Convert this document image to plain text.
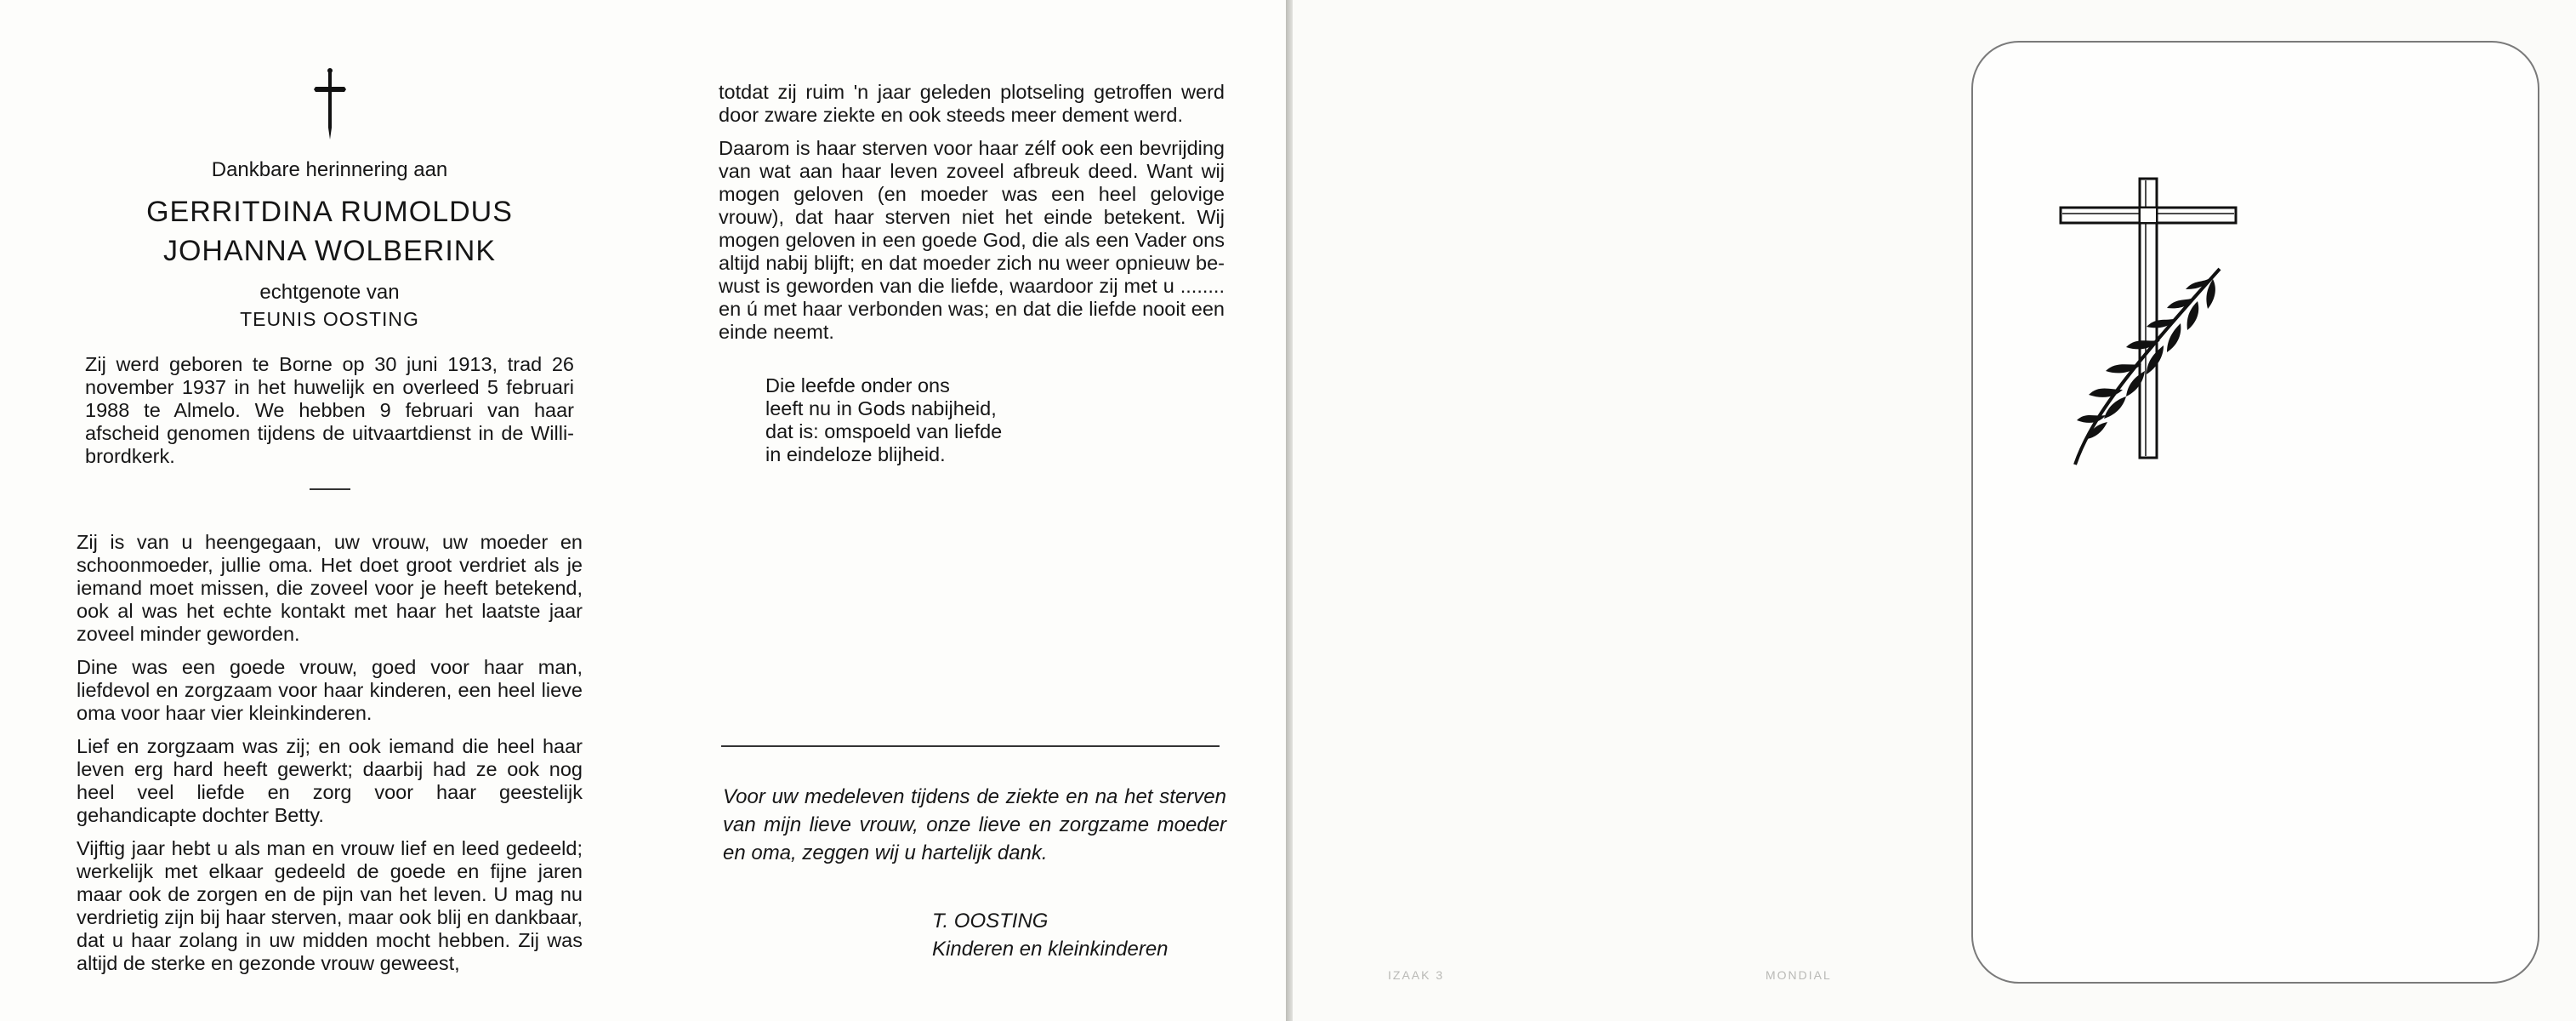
Dankbare herinnering aan

GERRITDINA RUMOLDUS
JOHANNA WOLBERINK

echtgenote van

TEUNIS OOSTING

Zij werd geboren te Borne op 30 juni 1913, trad 26 november 1937 in het huwelijk en overleed 5 februari 1988 te Almelo. We hebben 9 februari van haar afscheid genomen tijdens de uitvaartdienst in de Willibrordkerk.

Zij is van u heengegaan, uw vrouw, uw moeder en schoonmoeder, jullie oma. Het doet groot verdriet als je iemand moet missen, die zoveel voor je heeft betekend, ook al was het echte kontakt met haar het laatste jaar zoveel minder geworden.

Dine was een goede vrouw, goed voor haar man, liefdevol en zorgzaam voor haar kinderen, een heel lieve oma voor haar vier kleinkinderen.

Lief en zorgzaam was zij; en ook iemand die heel haar leven erg hard heeft gewerkt; daarbij had ze ook nog heel veel liefde en zorg voor haar geestelijk gehandicapte dochter Betty.

Vijftig jaar hebt u als man en vrouw lief en leed gedeeld; werkelijk met elkaar gedeeld de goede en fijne jaren maar ook de zorgen en de pijn van het leven. U mag nu verdrietig zijn bij haar sterven, maar ook blij en dankbaar, dat u haar zolang in uw midden mocht hebben. Zij was altijd de sterke en gezonde vrouw geweest,

totdat zij ruim 'n jaar geleden plotseling getroffen werd door zware ziekte en ook steeds meer dement werd.

Daarom is haar sterven voor haar zélf ook een bevrijding van wat aan haar leven zoveel afbreuk deed. Want wij mogen geloven (en moeder was een heel gelovige vrouw), dat haar sterven niet het einde betekent. Wij mogen geloven in een goede God, die als een Vader ons altijd nabij blijft; en dat moeder zich nu weer opnieuw bewust is geworden van die liefde, waardoor zij met u ........ en ú met haar verbonden was; en dat die liefde nooit een einde neemt.

Die leefde onder ons
leeft nu in Gods nabijheid,
dat is: omspoeld van liefde
in eindeloze blijheid.
Voor uw medeleven tijdens de ziekte en na het sterven van mijn lieve vrouw, onze lieve en zorgzame moeder en oma, zeggen wij u hartelijk dank.
T. OOSTING
Kinderen en kleinkinderen
IZAAK 3	MONDIAL
